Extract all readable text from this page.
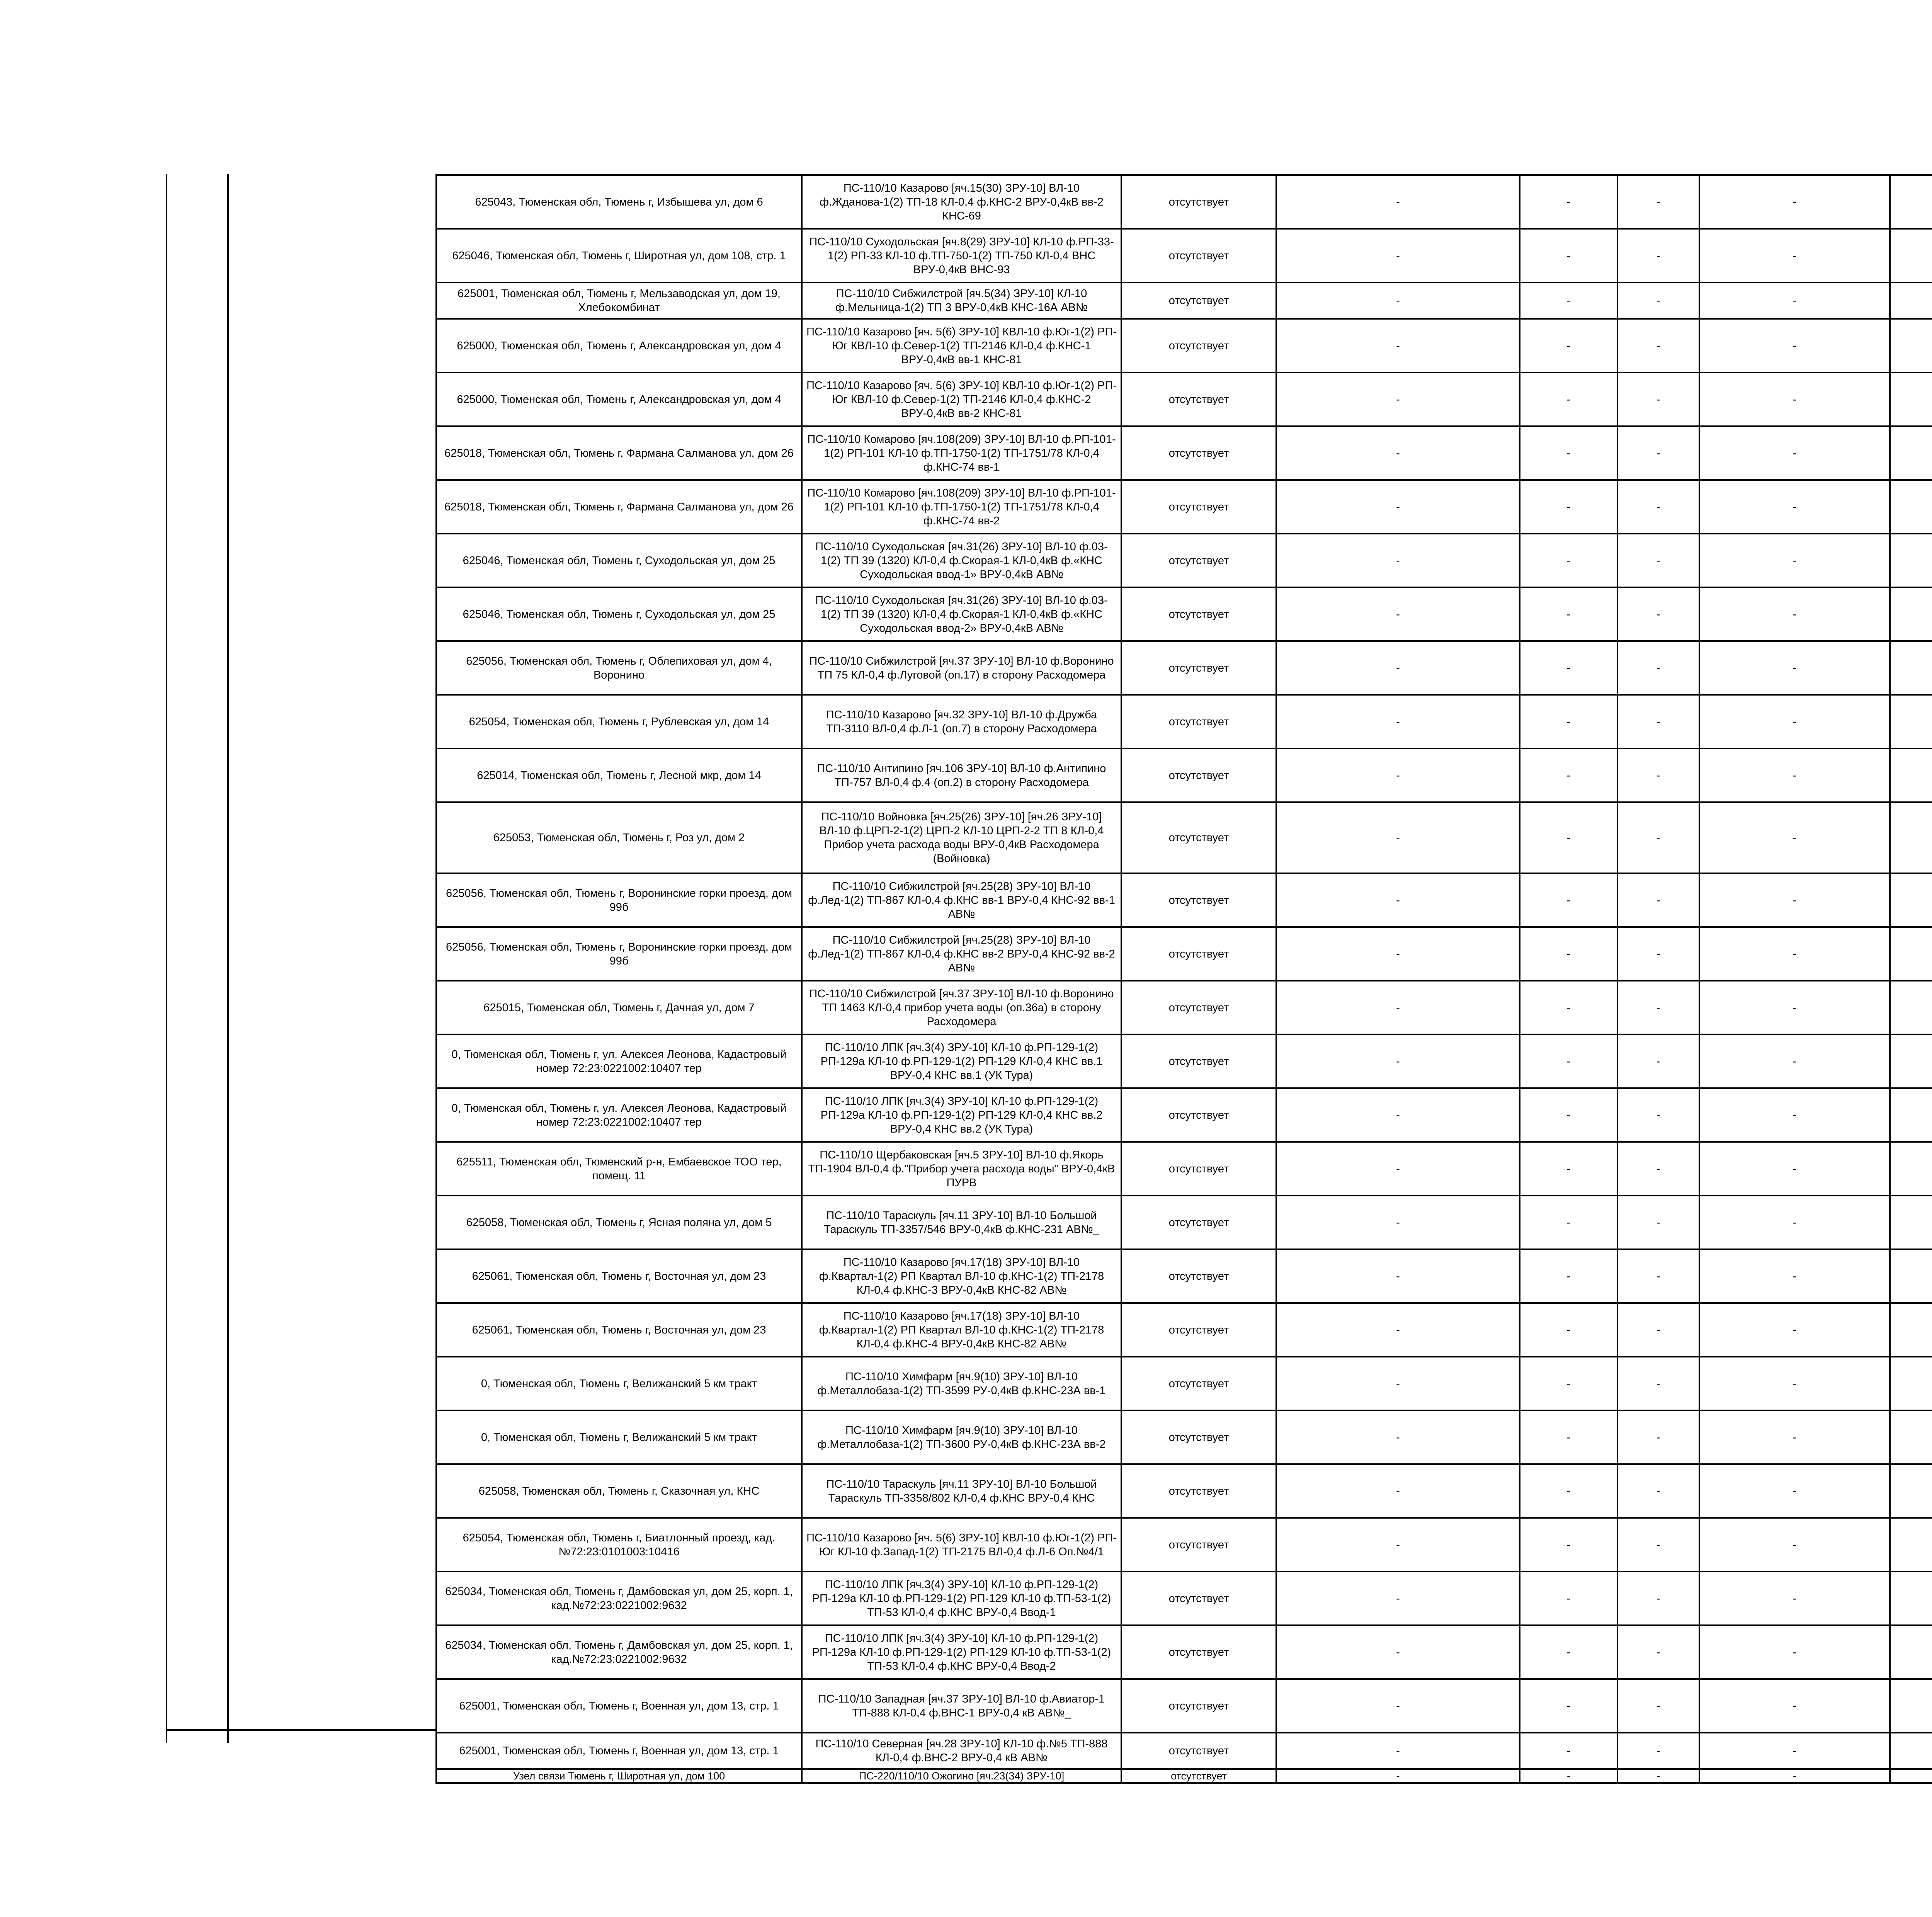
625043, Тюменская обл, Тюмень г, Избышева ул, дом 6	ПС-110/10 Казарово [яч.15(30) ЗРУ-10] ВЛ-10 ф.Жданова-1(2) ТП-18 КЛ-0,4 ф.КНС-2 ВРУ-0,4кВ вв-2 КНС-69	отсутствует	-	-	-	-		
625046, Тюменская обл, Тюмень г, Широтная ул, дом 108, стр. 1	ПС-110/10 Суходольская [яч.8(29) ЗРУ-10] КЛ-10 ф.РП-33-1(2) РП-33 КЛ-10 ф.ТП-750-1(2) ТП-750 КЛ-0,4 ВНС ВРУ-0,4кВ ВНС-93	отсутствует	-	-	-	-		
625001, Тюменская обл, Тюмень г, Мельзаводская ул, дом 19, Хлебокомбинат	ПС-110/10 Сибжилстрой [яч.5(34) ЗРУ-10] КЛ-10 ф.Мельница-1(2) ТП 3 ВРУ-0,4кВ КНС-16А АВ№	отсутствует	-	-	-	-		
625000, Тюменская обл, Тюмень г, Александровская ул, дом 4	ПС-110/10 Казарово [яч. 5(6) ЗРУ-10] КВЛ-10 ф.Юг-1(2) РП-Юг КВЛ-10 ф.Север-1(2) ТП-2146 КЛ-0,4 ф.КНС-1 ВРУ-0,4кВ вв-1 КНС-81	отсутствует	-	-	-	-		
625000, Тюменская обл, Тюмень г, Александровская ул, дом 4	ПС-110/10 Казарово [яч. 5(6) ЗРУ-10] КВЛ-10 ф.Юг-1(2) РП-Юг КВЛ-10 ф.Север-1(2) ТП-2146 КЛ-0,4 ф.КНС-2 ВРУ-0,4кВ вв-2 КНС-81	отсутствует	-	-	-	-		
625018, Тюменская обл, Тюмень г, Фармана Салманова ул, дом 26	ПС-110/10 Комарово [яч.108(209) ЗРУ-10] ВЛ-10 ф.РП-101-1(2) РП-101 КЛ-10 ф.ТП-1750-1(2) ТП-1751/78 КЛ-0,4 ф.КНС-74 вв-1	отсутствует	-	-	-	-		
625018, Тюменская обл, Тюмень г, Фармана Салманова ул, дом 26	ПС-110/10 Комарово [яч.108(209) ЗРУ-10] ВЛ-10 ф.РП-101-1(2) РП-101 КЛ-10 ф.ТП-1750-1(2) ТП-1751/78 КЛ-0,4 ф.КНС-74 вв-2	отсутствует	-	-	-	-		
625046, Тюменская обл, Тюмень г, Суходольская ул, дом 25	ПС-110/10 Суходольская [яч.31(26) ЗРУ-10] ВЛ-10 ф.03-1(2) ТП 39 (1320) КЛ-0,4 ф.Скорая-1 КЛ-0,4кВ ф.«КНС Суходольская ввод-1» ВРУ-0,4кВ АВ№	отсутствует	-	-	-	-		
625046, Тюменская обл, Тюмень г, Суходольская ул, дом 25	ПС-110/10 Суходольская [яч.31(26) ЗРУ-10] ВЛ-10 ф.03-1(2) ТП 39 (1320) КЛ-0,4 ф.Скорая-1 КЛ-0,4кВ ф.«КНС Суходольская ввод-2» ВРУ-0,4кВ АВ№	отсутствует	-	-	-	-		
625056, Тюменская обл, Тюмень г, Облепиховая ул, дом 4, Воронино	ПС-110/10 Сибжилстрой [яч.37 ЗРУ-10] ВЛ-10 ф.Воронино ТП 75 КЛ-0,4 ф.Луговой (оп.17) в сторону Расходомера	отсутствует	-	-	-	-		
625054, Тюменская обл, Тюмень г, Рублевская ул, дом 14	ПС-110/10 Казарово [яч.32 ЗРУ-10] ВЛ-10 ф.Дружба ТП-3110 ВЛ-0,4 ф.Л-1 (оп.7) в сторону Расходомера	отсутствует	-	-	-	-		
625014, Тюменская обл, Тюмень г, Лесной мкр, дом 14	ПС-110/10 Антипино [яч.106 ЗРУ-10] ВЛ-10 ф.Антипино ТП-757 ВЛ-0,4 ф.4 (оп.2) в сторону Расходомера	отсутствует	-	-	-	-		
625053, Тюменская обл, Тюмень г, Роз ул, дом 2	ПС-110/10 Войновка [яч.25(26) ЗРУ-10] [яч.26 ЗРУ-10] ВЛ-10 ф.ЦРП-2-1(2) ЦРП-2 КЛ-10 ЦРП-2-2 ТП 8 КЛ-0,4 Прибор учета расхода воды ВРУ-0,4кВ Расходомера (Войновка)	отсутствует	-	-	-	-		
625056, Тюменская обл, Тюмень г, Воронинские горки проезд, дом 99б	ПС-110/10 Сибжилстрой [яч.25(28) ЗРУ-10] ВЛ-10 ф.Лед-1(2) ТП-867 КЛ-0,4 ф.КНС вв-1 ВРУ-0,4 КНС-92 вв-1 АВ№	отсутствует	-	-	-	-		
625056, Тюменская обл, Тюмень г, Воронинские горки проезд, дом 99б	ПС-110/10 Сибжилстрой [яч.25(28) ЗРУ-10] ВЛ-10 ф.Лед-1(2) ТП-867 КЛ-0,4 ф.КНС вв-2 ВРУ-0,4 КНС-92 вв-2 АВ№	отсутствует	-	-	-	-		
625015, Тюменская обл, Тюмень г, Дачная ул, дом 7	ПС-110/10 Сибжилстрой [яч.37 ЗРУ-10] ВЛ-10 ф.Воронино ТП 1463 КЛ-0,4 прибор учета воды (оп.36а) в сторону Расходомера	отсутствует	-	-	-	-		
0, Тюменская обл, Тюмень г, ул. Алексея Леонова, Кадастровый номер 72:23:0221002:10407 тер	ПС-110/10 ЛПК [яч.3(4) ЗРУ-10] КЛ-10 ф.РП-129-1(2) РП-129а КЛ-10 ф.РП-129-1(2) РП-129 КЛ-0,4 КНС вв.1 ВРУ-0,4 КНС вв.1 (УК Тура)	отсутствует	-	-	-	-		
0, Тюменская обл, Тюмень г, ул. Алексея Леонова, Кадастровый номер 72:23:0221002:10407 тер	ПС-110/10 ЛПК [яч.3(4) ЗРУ-10] КЛ-10 ф.РП-129-1(2) РП-129а КЛ-10 ф.РП-129-1(2) РП-129 КЛ-0,4 КНС вв.2 ВРУ-0,4 КНС вв.2 (УК Тура)	отсутствует	-	-	-	-		
625511, Тюменская обл, Тюменский р-н, Ембаевское ТОО тер, помещ. 11	ПС-110/10 Щербаковская [яч.5 ЗРУ-10] ВЛ-10 ф.Якорь ТП-1904 ВЛ-0,4 ф."Прибор учета расхода воды" ВРУ-0,4кВ ПУРВ	отсутствует	-	-	-	-		
625058, Тюменская обл, Тюмень г, Ясная поляна ул, дом 5	ПС-110/10 Тараскуль [яч.11 ЗРУ-10] ВЛ-10 Большой Тараскуль ТП-3357/546 ВРУ-0,4кВ ф.КНС-231 АВ№_	отсутствует	-	-	-	-		
625061, Тюменская обл, Тюмень г, Восточная ул, дом 23	ПС-110/10 Казарово [яч.17(18) ЗРУ-10] ВЛ-10 ф.Квартал-1(2) РП Квартал ВЛ-10 ф.КНС-1(2) ТП-2178 КЛ-0,4 ф.КНС-3 ВРУ-0,4кВ КНС-82 АВ№	отсутствует	-	-	-	-		
625061, Тюменская обл, Тюмень г, Восточная ул, дом 23	ПС-110/10 Казарово [яч.17(18) ЗРУ-10] ВЛ-10 ф.Квартал-1(2) РП Квартал ВЛ-10 ф.КНС-1(2) ТП-2178 КЛ-0,4 ф.КНС-4 ВРУ-0,4кВ КНС-82 АВ№	отсутствует	-	-	-	-		
0, Тюменская обл, Тюмень г, Велижанский 5 км тракт	ПС-110/10 Химфарм [яч.9(10) ЗРУ-10] ВЛ-10 ф.Металлобаза-1(2) ТП-3599 РУ-0,4кВ ф.КНС-23А вв-1	отсутствует	-	-	-	-		
0, Тюменская обл, Тюмень г, Велижанский 5 км тракт	ПС-110/10 Химфарм [яч.9(10) ЗРУ-10] ВЛ-10 ф.Металлобаза-1(2) ТП-3600 РУ-0,4кВ ф.КНС-23А вв-2	отсутствует	-	-	-	-		
625058, Тюменская обл, Тюмень г, Сказочная ул, КНС	ПС-110/10 Тараскуль [яч.11 ЗРУ-10] ВЛ-10 Большой Тараскуль ТП-3358/802 КЛ-0,4 ф.КНС ВРУ-0,4 КНС	отсутствует	-	-	-	-		
625054, Тюменская обл, Тюмень г, Биатлонный проезд, кад.№72:23:0101003:10416	ПС-110/10 Казарово [яч. 5(6) ЗРУ-10] КВЛ-10 ф.Юг-1(2) РП-Юг КЛ-10 ф.Запад-1(2) ТП-2175 ВЛ-0,4 ф.Л-6 Оп.№4/1	отсутствует	-	-	-	-		
625034, Тюменская обл, Тюмень г, Дамбовская ул, дом 25, корп. 1, кад.№72:23:0221002:9632	ПС-110/10 ЛПК [яч.3(4) ЗРУ-10] КЛ-10 ф.РП-129-1(2) РП-129а КЛ-10 ф.РП-129-1(2) РП-129 КЛ-10 ф.ТП-53-1(2) ТП-53 КЛ-0,4 ф.КНС ВРУ-0,4 Ввод-1	отсутствует	-	-	-	-		
625034, Тюменская обл, Тюмень г, Дамбовская ул, дом 25, корп. 1, кад.№72:23:0221002:9632	ПС-110/10 ЛПК [яч.3(4) ЗРУ-10] КЛ-10 ф.РП-129-1(2) РП-129а КЛ-10 ф.РП-129-1(2) РП-129 КЛ-10 ф.ТП-53-1(2) ТП-53 КЛ-0,4 ф.КНС ВРУ-0,4 Ввод-2	отсутствует	-	-	-	-		
625001, Тюменская обл, Тюмень г, Военная ул, дом 13, стр. 1	ПС-110/10 Западная [яч.37 ЗРУ-10] ВЛ-10 ф.Авиатор-1 ТП-888 КЛ-0,4 ф.ВНС-1 ВРУ-0,4 кВ АВ№_	отсутствует	-	-	-	-		
625001, Тюменская обл, Тюмень г, Военная ул, дом 13, стр. 1	ПС-110/10 Северная [яч.28 ЗРУ-10] КЛ-10 ф.№5 ТП-888 КЛ-0,4 ф.ВНС-2 ВРУ-0,4 кВ АВ№	отсутствует	-	-	-	-		
Узел связи Тюмень г, Широтная ул, дом 100	ПС-220/110/10 Ожогино [яч.23(34) ЗРУ-10]	отсутствует	-	-	-	-		
